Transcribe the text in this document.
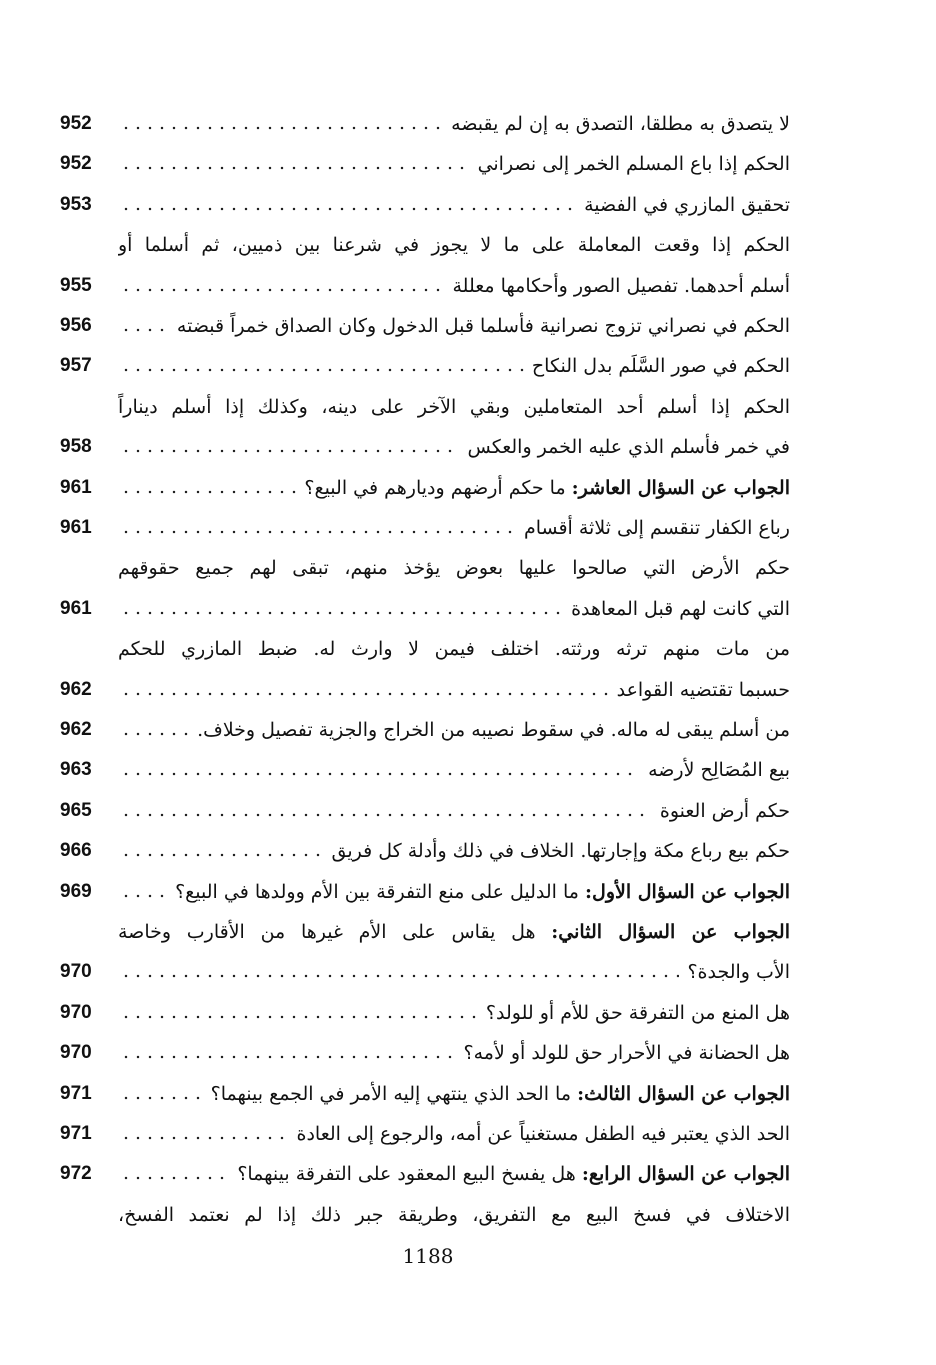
952	لا يتصدق به مطلقا، التصدق به إن لم يقبضه
952	الحكم إذا باع المسلم الخمر إلى نصراني
953	تحقيق المازري في الفضية
الحكم إذا وقعت المعاملة على ما لا يجوز في شرعنا بين ذميين، ثم أسلما أو
955	أسلم أحدهما. تفصيل الصور وأحكامها معللة
956	الحكم في نصراني تزوج نصرانية فأسلما قبل الدخول وكان الصداق خمراً قبضته
957	الحكم في صور السَّلَم بدل النكاح
الحكم إذا أسلم أحد المتعاملين وبقي الآخر على دينه، وكذلك إذا أسلم ديناراً
958	في خمر فأسلم الذي عليه الخمر والعكس
961	الجواب عن السؤال العاشر: ما حكم أرضهم وديارهم في البيع؟
961	رباع الكفار تنقسم إلى ثلاثة أقسام
حكم الأرض التي صالحوا عليها بعوض يؤخذ منهم، تبقى لهم جميع حقوقهم
961	التي كانت لهم قبل المعاهدة
من مات منهم ترثه ورثته. اختلف فيمن لا وارث له. ضبط المازري للحكم
962	حسبما تقتضيه القواعد
962	من أسلم يبقى له ماله. في سقوط نصيبه من الخراج والجزية تفصيل وخلاف.
963	بيع المُصَالِح لأرضه
965	حكم أرض العنوة
966	حكم بيع رباع مكة وإجارتها. الخلاف في ذلك وأدلة كل فريق
969	الجواب عن السؤال الأول: ما الدليل على منع التفرقة بين الأم وولدها في البيع؟
الجواب عن السؤال الثاني: هل يقاس على الأم غيرها من الأقارب وخاصة
970	الأب والجدة؟
970	هل المنع من التفرقة حق للأم أو للولد؟
970	هل الحضانة في الأحرار حق للولد أو لأمه؟
971	الجواب عن السؤال الثالث: ما الحد الذي ينتهي إليه الأمر في الجمع بينهما؟
971	الحد الذي يعتبر فيه الطفل مستغنياً عن أمه، والرجوع إلى العادة
972	الجواب عن السؤال الرابع: هل يفسخ البيع المعقود على التفرقة بينهما؟
الاختلاف في فسخ البيع مع التفريق، وطريقة جبر ذلك إذا لم نعتمد الفسخ،
1188
